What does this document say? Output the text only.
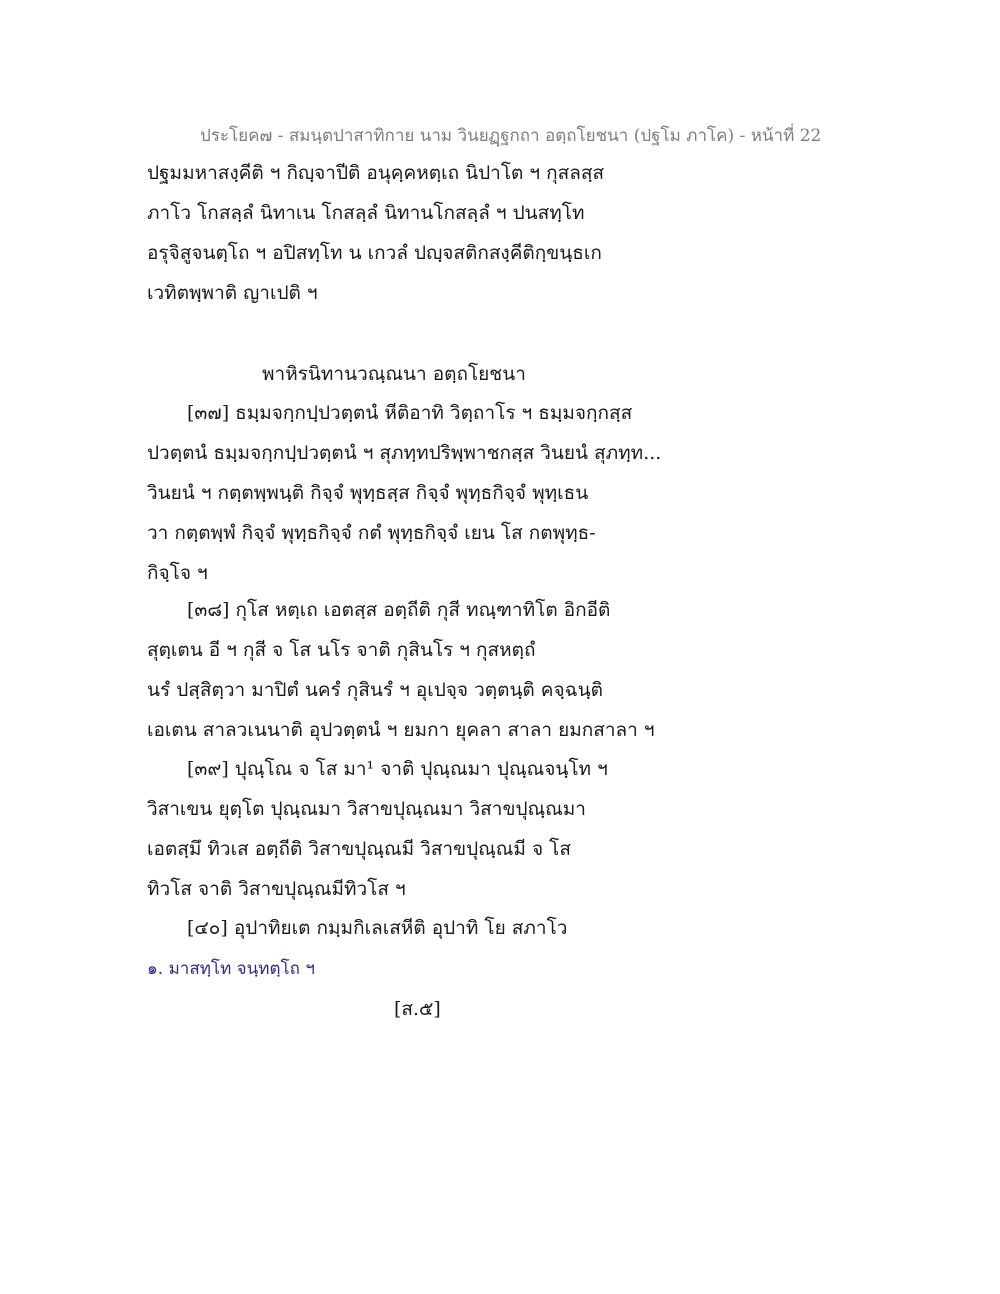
ประโยค๗ - สมนฺตปาสาทิกาย นาม วินยฏฺฐกถา อตฺถโยชนา (ปฐโม ภาโค) - หน้าที่ 22
ปฐมมหาสงฺคีติ ฯ กิญฺจาปีติ อนุคฺคหตฺเถ นิปาโต ฯ กุสลสฺส
ภาโว โกสลฺลํ นิทาเน โกสลฺลํ นิทานโกสลฺลํ ฯ ปนสทฺโท
อรุจิสูจนตฺโถ ฯ อปิสทฺโท น เกวลํ ปญฺจสติกสงฺคีติกฺขนฺธเก
เวทิตพฺพาติ ญาเปติ ฯ
พาหิรนิทานวณฺณนา อตฺถโยชนา
[๓๗] ธมฺมจกฺกปฺปวตฺตนํ หีติอาทิ วิตฺถาโร ฯ ธมฺมจกฺกสฺส
ปวตฺตนํ ธมฺมจกฺกปฺปวตฺตนํ ฯ สุภทฺทปริพฺพาชกสฺส วินยนํ สุภทฺท...
วินยนํ ฯ กตฺตพฺพนฺติ กิจฺจํ พุทฺธสฺส กิจฺจํ พุทฺธกิจฺจํ พุทฺเธน
วา กตฺตพฺพํ กิจฺจํ พุทฺธกิจฺจํ กตํ พุทฺธกิจฺจํ เยน โส กตพุทฺธ-
กิจฺโจ ฯ
[๓๘] กุโส หตฺเถ เอตสฺส อตฺถีติ กุสี ทณฺฑาทิโต อิกอีติ
สุตฺเตน อี ฯ กุสี จ โส นโร จาติ กุสินโร ฯ กุสหตฺถํ
นรํ ปสฺสิตฺวา มาปิตํ นครํ กุสินรํ ฯ อุเปจฺจ วตฺตนฺติ คจฺฉนฺติ
เอเตน สาลวเนนาติ อุปวตฺตนํ ฯ ยมกา ยุคลา สาลา ยมกสาลา ฯ
[๓๙] ปุณฺโณ จ โส มา¹ จาติ ปุณฺณมา ปุณฺณจนฺโท ฯ
วิสาเขน ยุตฺโต ปุณฺณมา วิสาขปุณฺณมา วิสาขปุณฺณมา
เอตสฺมึ ทิวเส อตฺถีติ วิสาขปุณฺณมี วิสาขปุณฺณมี จ โส
ทิวโส จาติ วิสาขปุณฺณมีทิวโส ฯ
[๔๐] อุปาทิยเต กมฺมกิเลเสหีติ อุปาทิ โย สภาโว
๑. มาสทฺโท จนฺทตฺโถ ฯ
[ส.๕]
